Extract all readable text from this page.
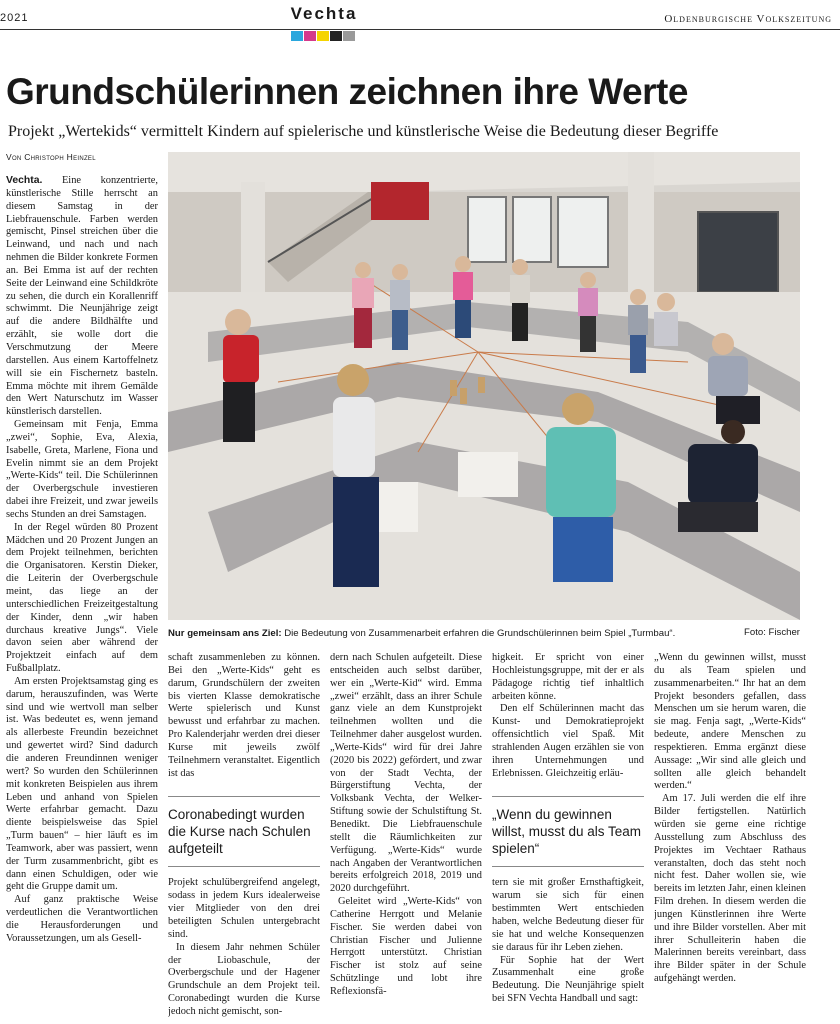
2021	Vechta	Oldenburgische Volkszeitung
Grundschülerinnen zeichnen ihre Werte
Projekt „Wertekids“ vermittelt Kindern auf spielerische und künstlerische Weise die Bedeutung dieser Begriffe
Von Christoph Heinzel

Vechta. Eine konzentrierte, künstlerische Stille herrscht an diesem Samstag in der Liebfrauenschule. Farben werden gemischt, Pinsel streichen über die Leinwand, und nach und nach nehmen die Bilder konkrete Formen an. Bei Emma ist auf der rechten Seite der Leinwand eine Schildkröte zu sehen, die durch ein Korallenriff schwimmt. Die Neunjährige zeigt auf die andere Bildhälfte und erzählt, sie wolle dort die Verschmutzung der Meere darstellen. Aus einem Kartoffelnetz will sie ein Fischernetz basteln. Emma möchte mit ihrem Gemälde den Wert Naturschutz im Wasser künstlerisch darstellen.

Gemeinsam mit Fenja, Emma „zwei“, Sophie, Eva, Alexia, Isabelle, Greta, Marlene, Fiona und Evelin nimmt sie an dem Projekt „Werte-Kids“ teil. Die Schülerinnen der Overbergschule investieren dabei ihre Freizeit, und zwar jeweils sechs Stunden an drei Samstagen.

In der Regel würden 80 Prozent Mädchen und 20 Prozent Jungen an dem Projekt teilnehmen, berichten die Organisatoren. Kerstin Dieker, die Leiterin der Overbergschule meint, das liege an der unterschiedlichen Freizeitgestaltung der Kinder, denn „wir haben durchaus kreative Jungs“. Viele davon seien aber während der Projektzeit einfach auf dem Fußballplatz.

Am ersten Projektsamstag ging es darum, herauszufinden, was Werte sind und wie wertvoll man selber ist. Was bedeutet es, wenn jemand als allerbeste Freundin bezeichnet und gewertet wird? Sind dadurch die anderen Freundinnen weniger wert? So wurden den Schülerinnen mit konkreten Beispielen aus ihrem Leben und anhand von Spielen Werte erfahrbar gemacht. Dazu diente beispielsweise das Spiel „Turm bauen“ – hier läuft es im Teamwork, aber was passiert, wenn der Turm zusammenbricht, gibt es dann einen Schuldigen, oder wie geht die Gruppe damit um.

Auf ganz praktische Weise verdeutlichen die Verantwortlichen die Herausforderungen und Voraussetzungen, um als Gesell-

Nur gemeinsam ans Ziel: Die Bedeutung von Zusammenarbeit erfahren die Grundschülerinnen beim Spiel „Turmbau“.	Foto: Fischer

schaft zusammenleben zu können. Bei den „Werte-Kids“ geht es darum, Grundschülern der zweiten bis vierten Klasse demokratische Werte spielerisch und Kunst bewusst und erfahrbar zu machen. Pro Kalenderjahr werden drei dieser Kurse mit jeweils zwölf Teilnehmern veranstaltet. Eigentlich ist das

Coronabedingt wurden die Kurse nach Schulen aufgeteilt

Projekt schulübergreifend angelegt, sodass in jedem Kurs idealerweise vier Mitglieder von den drei beteiligten Schulen untergebracht sind.

In diesem Jahr nehmen Schüler der Liobaschule, der Overbergschule und der Hagener Grundschule an dem Projekt teil. Coronabedingt wurden die Kurse jedoch nicht gemischt, son-

dern nach Schulen aufgeteilt. Diese entscheiden auch selbst darüber, wer ein „Werte-Kid“ wird. Emma „zwei“ erzählt, dass an ihrer Schule ganz viele an dem Kunstprojekt teilnehmen wollten und die Teilnehmer daher ausgelost wurden. „Werte-Kids“ wird für drei Jahre (2020 bis 2022) gefördert, und zwar von der Stadt Vechta, der Bürgerstiftung Vechta, der Volksbank Vechta, der Welker-Stiftung sowie der Schulstiftung St. Benedikt. Die Liebfrauenschule stellt die Räumlichkeiten zur Verfügung. „Werte-Kids“ wurde nach Angaben der Verantwortlichen bereits erfolgreich 2018, 2019 und 2020 durchgeführt.

Geleitet wird „Werte-Kids“ von Catherine Herrgott und Melanie Fischer. Sie werden dabei von Christian Fischer und Julienne Herrgott unterstützt. Christian Fischer ist stolz auf seine Schützlinge und lobt ihre Reflexionsfä-

higkeit. Er spricht von einer Hochleistungsgruppe, mit der er als Pädagoge richtig tief inhaltlich arbeiten könne.

Den elf Schülerinnen macht das Kunst- und Demokratieprojekt offensichtlich viel Spaß. Mit strahlenden Augen erzählen sie von ihren Unternehmungen und Erlebnissen. Gleichzeitig erläu-

„Wenn du gewinnen willst, musst du als Team spielen“

tern sie mit großer Ernsthaftigkeit, warum sie sich für einen bestimmten Wert entschieden haben, welche Bedeutung dieser für sie hat und welche Konsequenzen sie daraus für ihr Leben ziehen.

Für Sophie hat der Wert Zusammenhalt eine große Bedeutung. Die Neunjährige spielt bei SFN Vechta Handball und sagt:

„Wenn du gewinnen willst, musst du als Team spielen und zusammenarbeiten.“ Ihr hat an dem Projekt besonders gefallen, dass Menschen um sie herum waren, die sie mag. Fenja sagt, „Werte-Kids“ bedeute, andere Menschen zu respektieren. Emma ergänzt diese Aussage: „Wir sind alle gleich und sollten alle gleich behandelt werden.“

Am 17. Juli werden die elf ihre Bilder fertigstellen. Natürlich würden sie gerne eine richtige Ausstellung zum Abschluss des Projektes im Vechtaer Rathaus veranstalten, doch das steht noch nicht fest. Daher wollen sie, wie bereits im letzten Jahr, einen kleinen Film drehen. In diesem werden die jungen Künstlerinnen ihre Werte und ihre Bilder vorstellen. Aber mit ihrer Schulleiterin haben die Malerinnen bereits vereinbart, dass ihre Bilder später in der Schule aufgehängt werden.
